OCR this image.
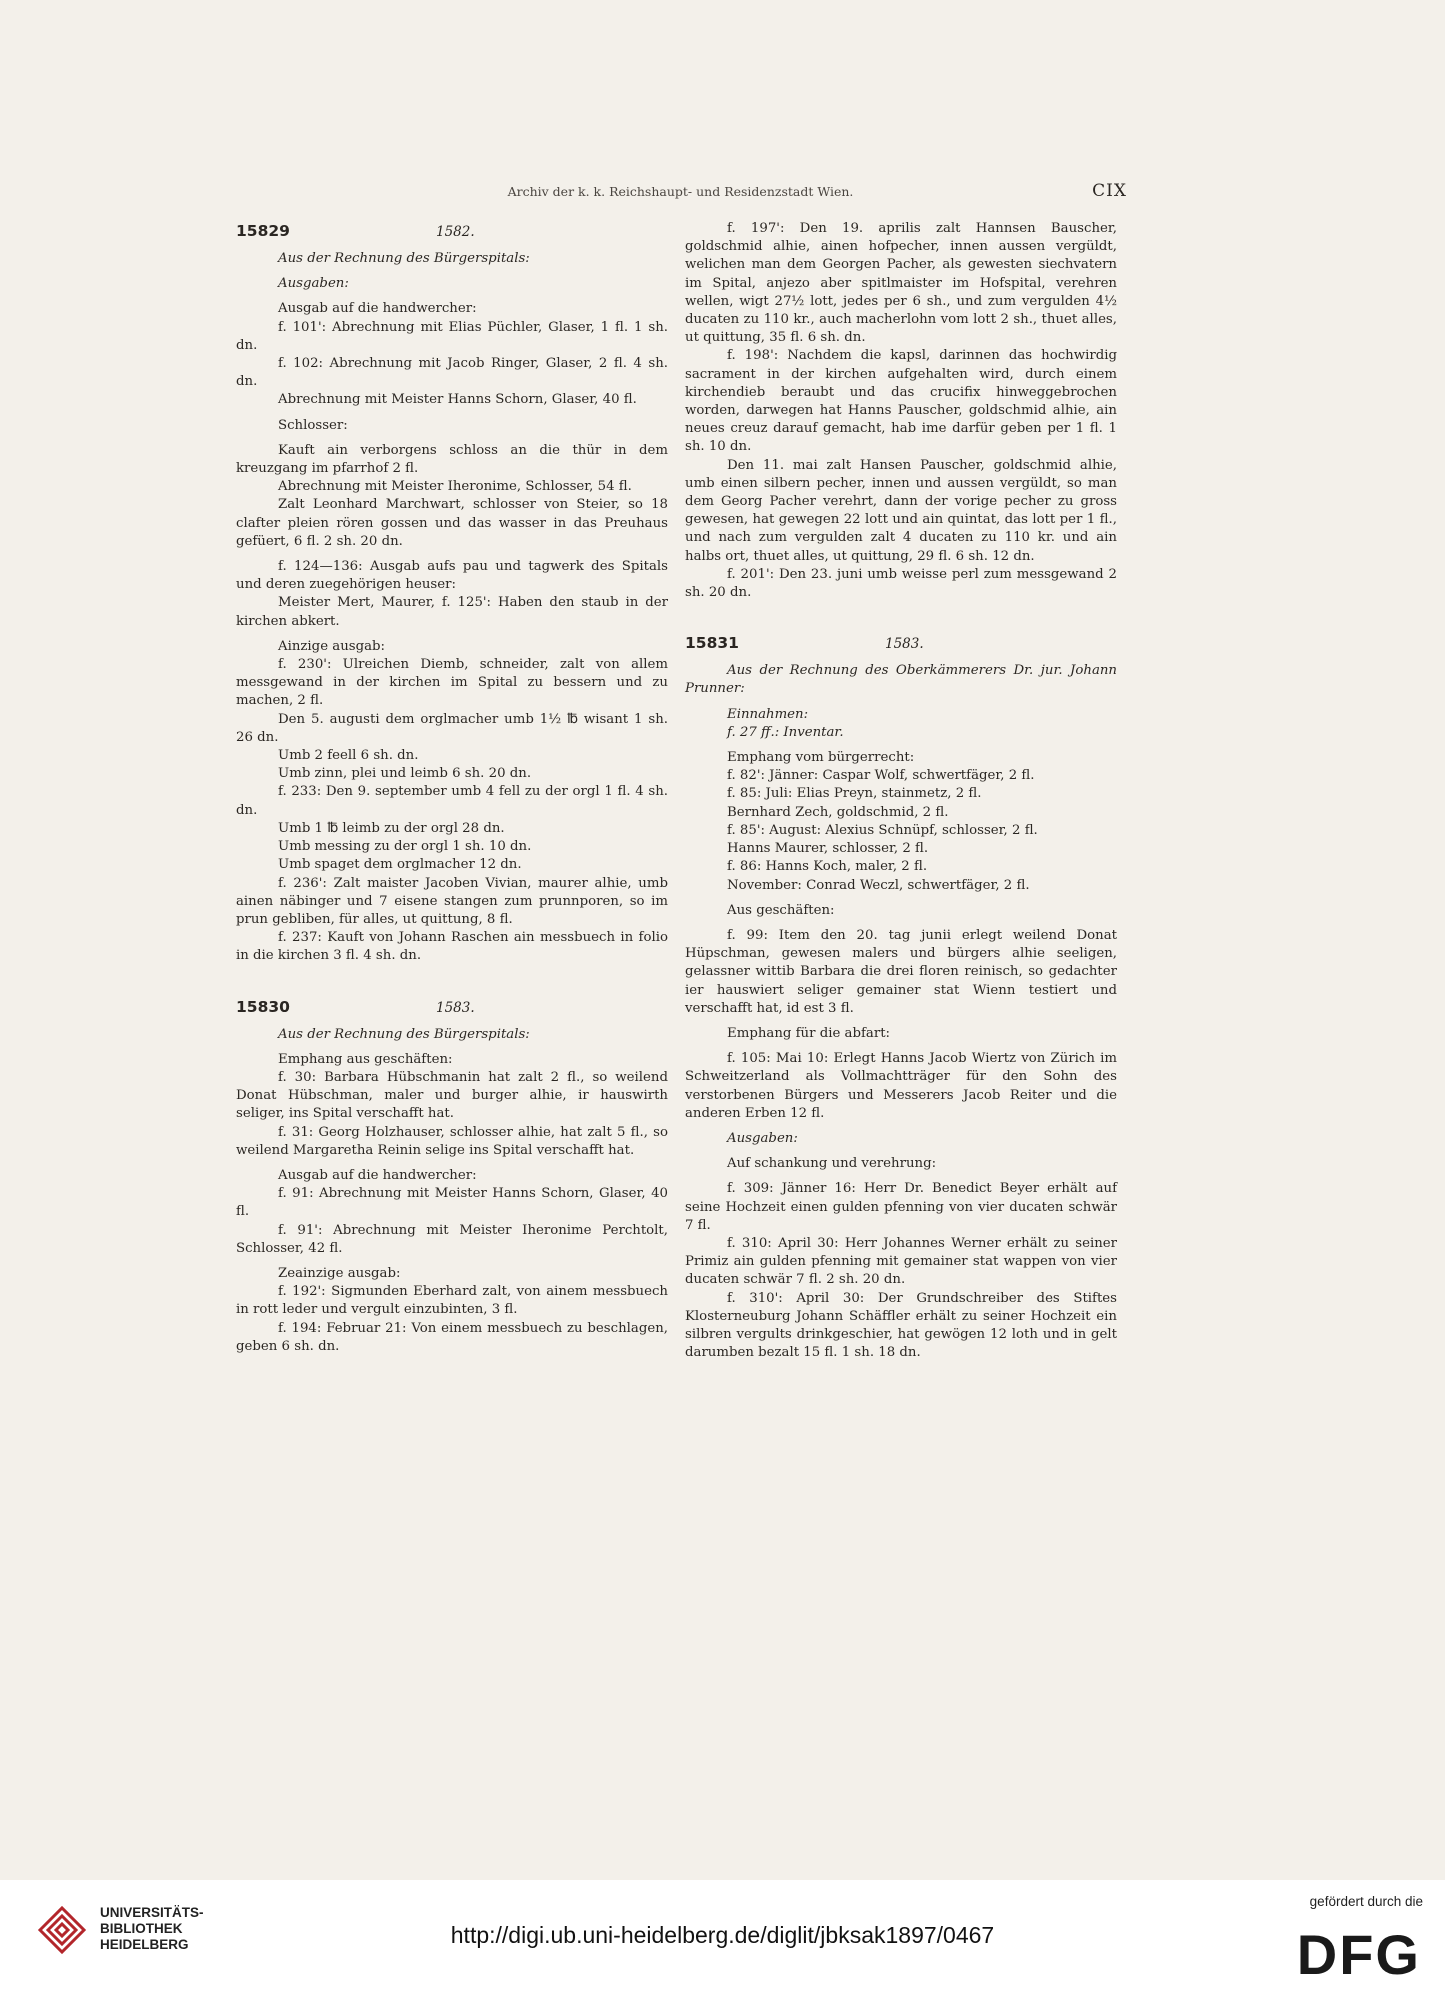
Archiv der k. k. Reichshaupt- und Residenzstadt Wien.	CIX
15829	1582.

Aus der Rechnung des Bürgerspitals:

Ausgaben:

Ausgab auf die handwercher:

f. 101': Abrechnung mit Elias Püchler, Glaser, 1 fl. 1 sh. dn.

f. 102: Abrechnung mit Jacob Ringer, Glaser, 2 fl. 4 sh. dn.

Abrechnung mit Meister Hanns Schorn, Glaser, 40 fl.

Schlosser:

Kauft ain verborgens schloss an die thür in dem kreuzgang im pfarrhof 2 fl.

Abrechnung mit Meister Iheronime, Schlosser, 54 fl.

Zalt Leonhard Marchwart, schlosser von Steier, so 18 clafter pleien rören gossen und das wasser in das Preuhaus gefüert, 6 fl. 2 sh. 20 dn.

f. 124—136: Ausgab aufs pau und tagwerk des Spitals und deren zuegehörigen heuser:

Meister Mert, Maurer, f. 125': Haben den staub in der kirchen abkert.

Ainzige ausgab:

f. 230': Ulreichen Diemb, schneider, zalt von allem messgewand in der kirchen im Spital zu bessern und zu machen, 2 fl.

Den 5. augusti dem orglmacher umb 1½ ℔ wisant 1 sh. 26 dn.

Umb 2 feell 6 sh. dn.

Umb zinn, plei und leimb 6 sh. 20 dn.

f. 233: Den 9. september umb 4 fell zu der orgl 1 fl. 4 sh. dn.

Umb 1 ℔ leimb zu der orgl 28 dn.

Umb messing zu der orgl 1 sh. 10 dn.

Umb spaget dem orglmacher 12 dn.

f. 236': Zalt maister Jacoben Vivian, maurer alhie, umb ainen näbinger und 7 eisene stangen zum prunnporen, so im prun gebliben, für alles, ut quittung, 8 fl.

f. 237: Kauft von Johann Raschen ain messbuech in folio in die kirchen 3 fl. 4 sh. dn.

15830	1583.

Aus der Rechnung des Bürgerspitals:

Emphang aus geschäften:

f. 30: Barbara Hübschmanin hat zalt 2 fl., so weilend Donat Hübschman, maler und burger alhie, ir hauswirth seliger, ins Spital verschafft hat.

f. 31: Georg Holzhauser, schlosser alhie, hat zalt 5 fl., so weilend Margaretha Reinin selige ins Spital verschafft hat.

Ausgab auf die handwercher:

f. 91: Abrechnung mit Meister Hanns Schorn, Glaser, 40 fl.

f. 91': Abrechnung mit Meister Iheronime Perchtolt, Schlosser, 42 fl.

Zeainzige ausgab:

f. 192': Sigmunden Eberhard zalt, von ainem messbuech in rott leder und vergult einzubinten, 3 fl.

f. 194: Februar 21: Von einem messbuech zu beschlagen, geben 6 sh. dn.

f. 197': Den 19. aprilis zalt Hannsen Bauscher, goldschmid alhie, ainen hofpecher, innen aussen vergüldt, welichen man dem Georgen Pacher, als gewesten siechvatern im Spital, anjezo aber spitlmaister im Hofspital, verehren wellen, wigt 27½ lott, jedes per 6 sh., und zum vergulden 4½ ducaten zu 110 kr., auch macherlohn vom lott 2 sh., thuet alles, ut quittung, 35 fl. 6 sh. dn.

f. 198': Nachdem die kapsl, darinnen das hochwirdig sacrament in der kirchen aufgehalten wird, durch einem kirchendieb beraubt und das crucifix hinweggebrochen worden, darwegen hat Hanns Pauscher, goldschmid alhie, ain neues creuz darauf gemacht, hab ime darfür geben per 1 fl. 1 sh. 10 dn.

Den 11. mai zalt Hansen Pauscher, goldschmid alhie, umb einen silbern pecher, innen und aussen vergüldt, so man dem Georg Pacher verehrt, dann der vorige pecher zu gross gewesen, hat gewegen 22 lott und ain quintat, das lott per 1 fl., und nach zum vergulden zalt 4 ducaten zu 110 kr. und ain halbs ort, thuet alles, ut quittung, 29 fl. 6 sh. 12 dn.

f. 201': Den 23. juni umb weisse perl zum messgewand 2 sh. 20 dn.

15831	1583.

Aus der Rechnung des Oberkämmerers Dr. jur. Johann Prunner:

Einnahmen:

f. 27 ff.: Inventar.

Emphang vom bürgerrecht:

f. 82': Jänner: Caspar Wolf, schwertfäger, 2 fl.

f. 85: Juli: Elias Preyn, stainmetz, 2 fl.

Bernhard Zech, goldschmid, 2 fl.

f. 85': August: Alexius Schnüpf, schlosser, 2 fl.

Hanns Maurer, schlosser, 2 fl.

f. 86: Hanns Koch, maler, 2 fl.

November: Conrad Weczl, schwertfäger, 2 fl.

Aus geschäften:

f. 99: Item den 20. tag junii erlegt weilend Donat Hüpschman, gewesen malers und bürgers alhie seeligen, gelassner wittib Barbara die drei floren reinisch, so gedachter ier hauswiert seliger gemainer stat Wienn testiert und verschafft hat, id est 3 fl.

Emphang für die abfart:

f. 105: Mai 10: Erlegt Hanns Jacob Wiertz von Zürich im Schweitzerland als Vollmachtträger für den Sohn des verstorbenen Bürgers und Messerers Jacob Reiter und die anderen Erben 12 fl.

Ausgaben:

Auf schankung und verehrung:

f. 309: Jänner 16: Herr Dr. Benedict Beyer erhält auf seine Hochzeit einen gulden pfenning von vier ducaten schwär 7 fl.

f. 310: April 30: Herr Johannes Werner erhält zu seiner Primiz ain gulden pfenning mit gemainer stat wappen von vier ducaten schwär 7 fl. 2 sh. 20 dn.

f. 310': April 30: Der Grundschreiber des Stiftes Klosterneuburg Johann Schäffler erhält zu seiner Hochzeit ein silbren vergults drinkgeschier, hat gewögen 12 loth und in gelt darumben bezalt 15 fl. 1 sh. 18 dn.

UNIVERSITÄTS-
BIBLIOTHEK
HEIDELBERG	http://digi.ub.uni-heidelberg.de/diglit/jbksak1897/0467
gefördert durch die
DFG
